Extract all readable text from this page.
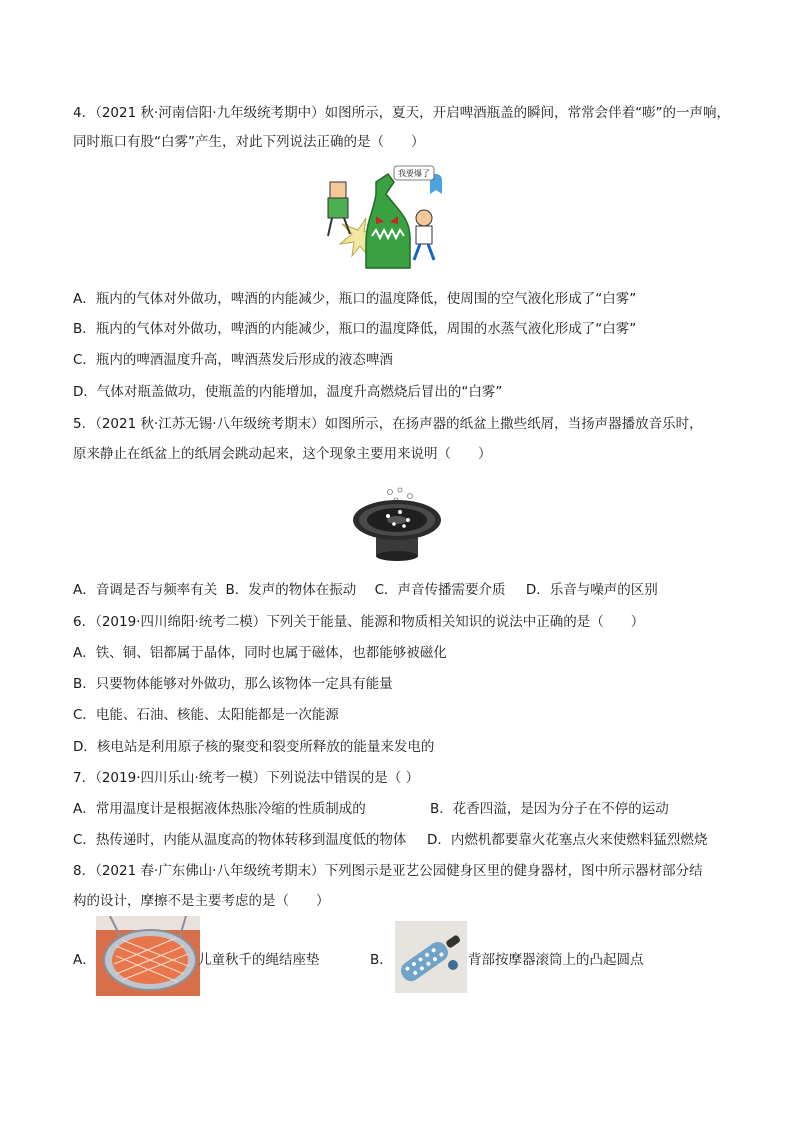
4．（2021 秋·河南信阳·九年级统考期中）如图所示，夏天，开启啤酒瓶盖的瞬间，常常会伴着“嘭”的一声响，
同时瓶口有股“白雾”产生，对此下列说法正确的是（　　）
我要爆了
A．瓶内的气体对外做功，啤酒的内能减少，瓶口的温度降低，使周围的空气液化形成了“白雾”
B．瓶内的气体对外做功，啤酒的内能减少，瓶口的温度降低，周围的水蒸气液化形成了“白雾”
C．瓶内的啤酒温度升高，啤酒蒸发后形成的液态啤酒
D．气体对瓶盖做功，使瓶盖的内能增加，温度升高燃烧后冒出的“白雾”
5．（2021 秋·江苏无锡·八年级统考期末）如图所示，在扬声器的纸盆上撒些纸屑，当扬声器播放音乐时，
原来静止在纸盆上的纸屑会跳动起来，这个现象主要用来说明（　　）
A．音调是否与频率有关 B．发声的物体在振动 C．声音传播需要介质 D．乐音与噪声的区别
6．（2019·四川绵阳·统考二模）下列关于能量、能源和物质相关知识的说法中正确的是（　　）
A．铁、铜、铝都属于晶体，同时也属于磁体，也都能够被磁化
B．只要物体能够对外做功，那么该物体一定具有能量
C．电能、石油、核能、太阳能都是一次能源
D．核电站是利用原子核的聚变和裂变所释放的能量来发电的
7．（2019·四川乐山·统考一模）下列说法中错误的是（ ）
A．常用温度计是根据液体热胀冷缩的性质制成的	B．花香四溢，是因为分子在不停的运动
C．热传递时，内能从温度高的物体转移到温度低的物体 D．内燃机都要靠火花塞点火来使燃料猛烈燃烧
8．（2021 春·广东佛山·八年级统考期末）下列图示是亚艺公园健身区里的健身器材，图中所示器材部分结
构的设计，摩擦不是主要考虑的是（　　）
A．	儿童秋千的绳结座垫	B．	背部按摩器滚筒上的凸起圆点
